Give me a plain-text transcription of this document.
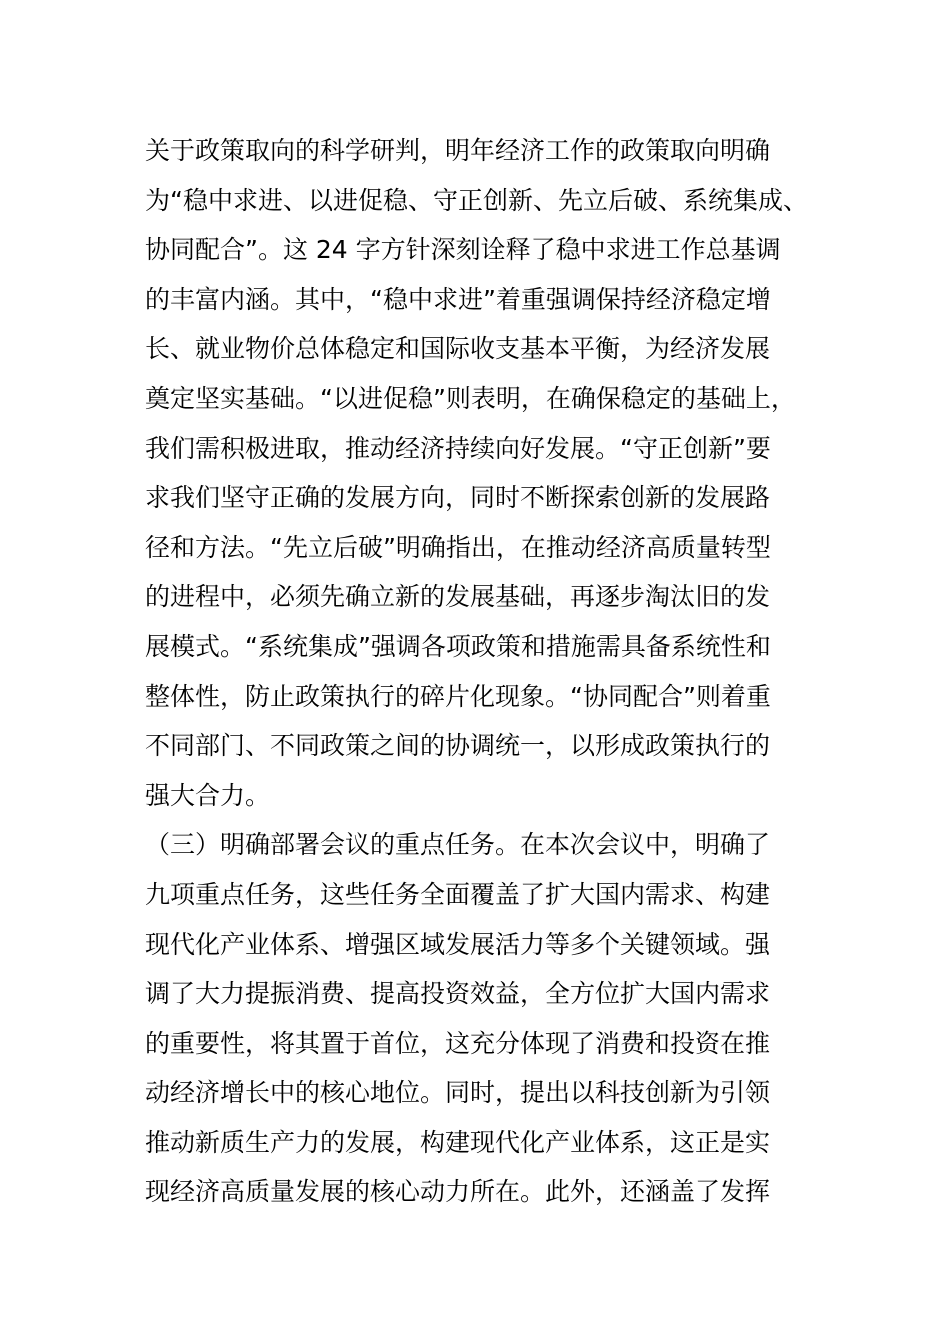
关于政策取向的科学研判，明年经济工作的政策取向明确
为“稳中求进、以进促稳、守正创新、先立后破、系统集成、
协同配合”。这 24 字方针深刻诠释了稳中求进工作总基调
的丰富内涵。其中，“稳中求进”着重强调保持经济稳定增
长、就业物价总体稳定和国际收支基本平衡，为经济发展
奠定坚实基础。“以进促稳”则表明，在确保稳定的基础上，
我们需积极进取，推动经济持续向好发展。“守正创新”要
求我们坚守正确的发展方向，同时不断探索创新的发展路
径和方法。“先立后破”明确指出，在推动经济高质量转型
的进程中，必须先确立新的发展基础，再逐步淘汰旧的发
展模式。“系统集成”强调各项政策和措施需具备系统性和
整体性，防止政策执行的碎片化现象。“协同配合”则着重
不同部门、不同政策之间的协调统一，以形成政策执行的
强大合力。
（三）明确部署会议的重点任务。在本次会议中，明确了
九项重点任务，这些任务全面覆盖了扩大国内需求、构建
现代化产业体系、增强区域发展活力等多个关键领域。强
调了大力提振消费、提高投资效益，全方位扩大国内需求
的重要性，将其置于首位，这充分体现了消费和投资在推
动经济增长中的核心地位。同时，提出以科技创新为引领
推动新质生产力的发展，构建现代化产业体系，这正是实
现经济高质量发展的核心动力所在。此外，还涵盖了发挥
